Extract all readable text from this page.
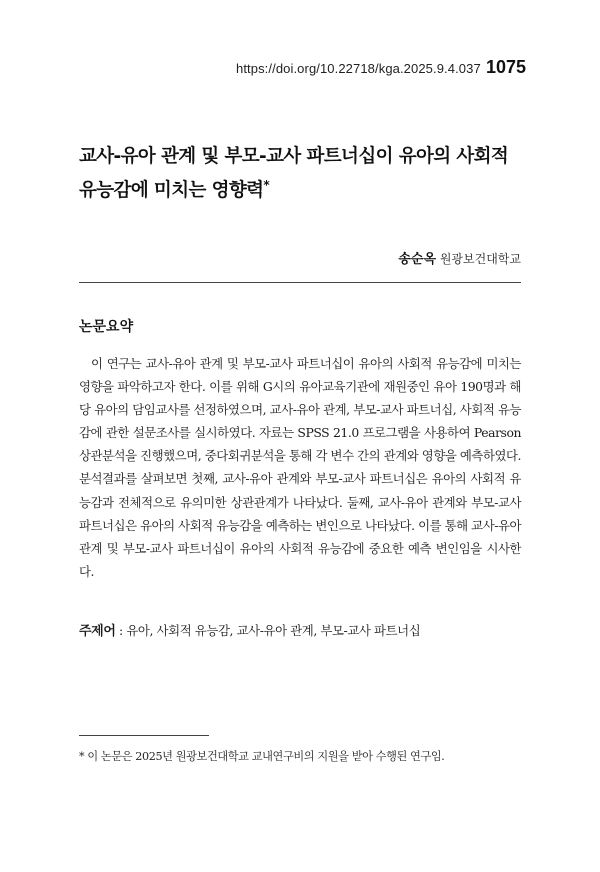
https://doi.org/10.22718/kga.2025.9.4.037 1075
교사-유아 관계 및 부모-교사 파트너십이 유아의 사회적
유능감에 미치는 영향력*
송순옥 원광보건대학교
논문요약

이 연구는 교사-유아 관계 및 부모-교사 파트너십이 유아의 사회적 유능감에 미치는 영향을 파악하고자 한다. 이를 위해 G시의 유아교육기관에 재원중인 유아 190명과 해당 유아의 담임교사를 선정하였으며, 교사-유아 관계, 부모-교사 파트너십, 사회적 유능감에 관한 설문조사를 실시하였다. 자료는 SPSS 21.0 프로그램을 사용하여 Pearson 상관분석을 진행했으며, 중다회귀분석을 통해 각 변수 간의 관계와 영향을 예측하였다. 분석결과를 살펴보면 첫째, 교사-유아 관계와 부모-교사 파트너십은 유아의 사회적 유능감과 전체적으로 유의미한 상관관계가 나타났다. 둘째, 교사-유아 관계와 부모-교사 파트너십은 유아의 사회적 유능감을 예측하는 변인으로 나타났다. 이를 통해 교사-유아 관계 및 부모-교사 파트너십이 유아의 사회적 유능감에 중요한 예측 변인임을 시사한다.

주제어 : 유아, 사회적 유능감, 교사-유아 관계, 부모-교사 파트너십
* 이 논문은 2025년 원광보건대학교 교내연구비의 지원을 받아 수행된 연구임.
